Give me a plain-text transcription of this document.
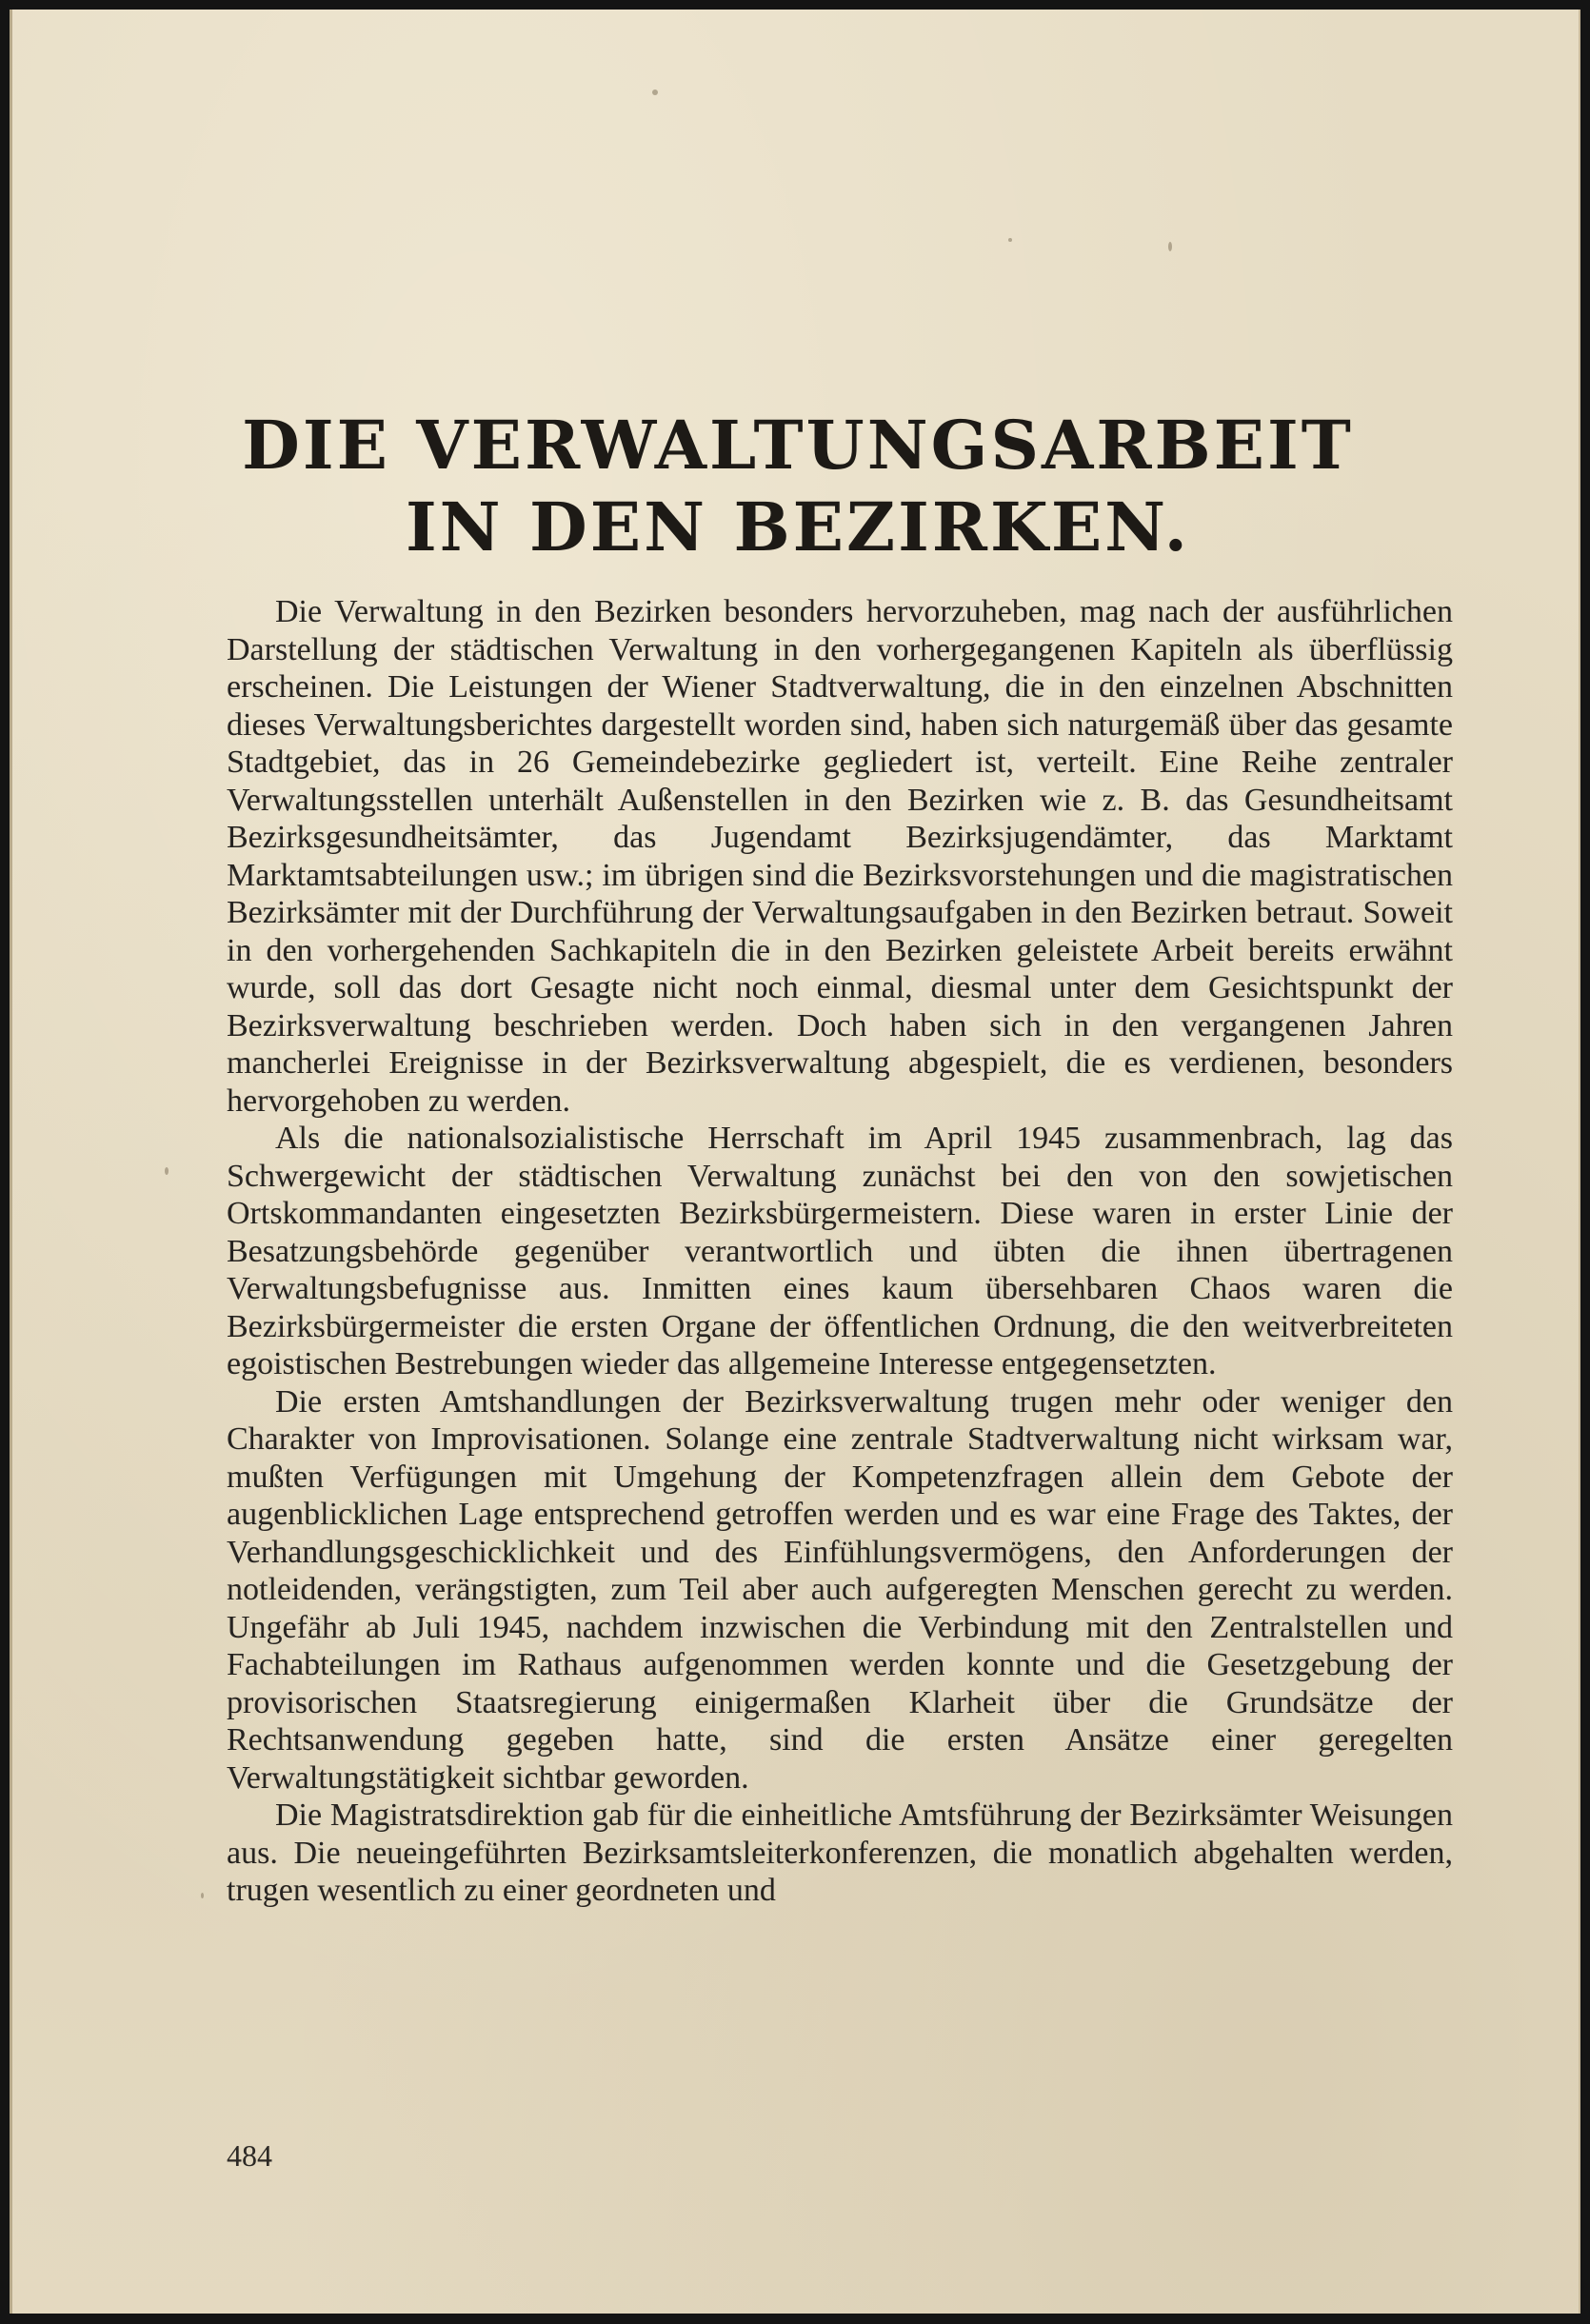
DIE VERWALTUNGSARBEIT
IN DEN BEZIRKEN.

Die Verwaltung in den Bezirken besonders hervorzuheben, mag nach der ausführlichen Darstellung der städtischen Verwaltung in den vorhergegangenen Kapiteln als überflüssig erscheinen. Die Leistungen der Wiener Stadtverwaltung, die in den einzelnen Abschnitten dieses Verwaltungsberichtes dargestellt worden sind, haben sich naturgemäß über das gesamte Stadtgebiet, das in 26 Gemeindebezirke gegliedert ist, verteilt. Eine Reihe zentraler Verwaltungsstellen unterhält Außenstellen in den Bezirken wie z. B. das Gesundheitsamt Bezirksgesundheitsämter, das Jugendamt Bezirksjugendämter, das Marktamt Marktamtsabteilungen usw.; im übrigen sind die Bezirksvorstehungen und die magistratischen Bezirksämter mit der Durchführung der Verwaltungsaufgaben in den Bezirken betraut. Soweit in den vorhergehenden Sachkapiteln die in den Bezirken geleistete Arbeit bereits erwähnt wurde, soll das dort Gesagte nicht noch einmal, diesmal unter dem Gesichtspunkt der Bezirksverwaltung beschrieben werden. Doch haben sich in den vergangenen Jahren mancherlei Ereignisse in der Bezirksverwaltung abgespielt, die es verdienen, besonders hervorgehoben zu werden.

Als die nationalsozialistische Herrschaft im April 1945 zusammenbrach, lag das Schwergewicht der städtischen Verwaltung zunächst bei den von den sowjetischen Ortskommandanten eingesetzten Bezirksbürgermeistern. Diese waren in erster Linie der Besatzungsbehörde gegenüber verantwortlich und übten die ihnen übertragenen Verwaltungsbefugnisse aus. Inmitten eines kaum übersehbaren Chaos waren die Bezirksbürgermeister die ersten Organe der öffentlichen Ordnung, die den weitverbreiteten egoistischen Bestrebungen wieder das allgemeine Interesse entgegensetzten.

Die ersten Amtshandlungen der Bezirksverwaltung trugen mehr oder weniger den Charakter von Improvisationen. Solange eine zentrale Stadtverwaltung nicht wirksam war, mußten Verfügungen mit Umgehung der Kompetenzfragen allein dem Gebote der augenblicklichen Lage entsprechend getroffen werden und es war eine Frage des Taktes, der Verhandlungsgeschicklichkeit und des Einfühlungsvermögens, den Anforderungen der notleidenden, verängstigten, zum Teil aber auch aufgeregten Menschen gerecht zu werden. Ungefähr ab Juli 1945, nachdem inzwischen die Verbindung mit den Zentralstellen und Fachabteilungen im Rathaus aufgenommen werden konnte und die Gesetzgebung der provisorischen Staatsregierung einigermaßen Klarheit über die Grundsätze der Rechtsanwendung gegeben hatte, sind die ersten Ansätze einer geregelten Verwaltungstätigkeit sichtbar geworden.

Die Magistratsdirektion gab für die einheitliche Amtsführung der Bezirksämter Weisungen aus. Die neueingeführten Bezirksamtsleiterkonferenzen, die monatlich abgehalten werden, trugen wesentlich zu einer geordneten und

484
